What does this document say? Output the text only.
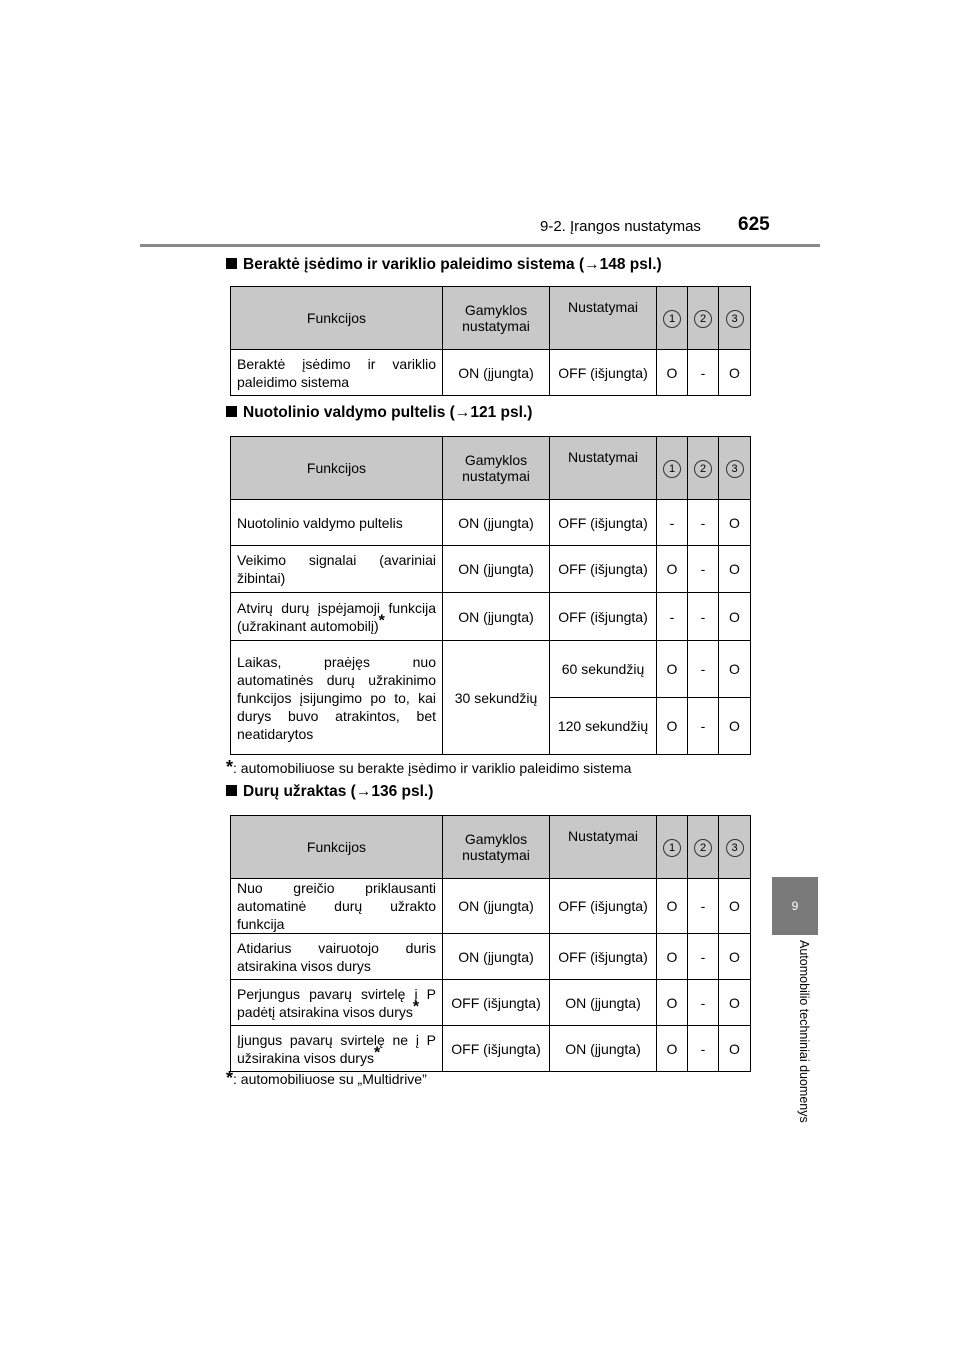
9-2. Įrangos nustatymas 625
9
Automobilio techniniai duomenys
Beraktė įsėdimo ir variklio paleidimo sistema (→148 psl.)
Funkcijos	Gamyklos nustatymai	Nustatymai	1	2	3
Beraktė įsėdimo ir variklio paleidimo sistema	ON (įjungta)	OFF (išjungta)	O	-	O
Nuotolinio valdymo pultelis (→121 psl.)
Funkcijos	Gamyklos nustatymai	Nustatymai	1	2	3
Nuotolinio valdymo pultelis	ON (įjungta)	OFF (išjungta)	-	-	O
Veikimo signalai (avariniai žibintai)	ON (įjungta)	OFF (išjungta)	O	-	O
Atvirų durų įspėjamoji funkcija (užrakinant automobilį)*	ON (įjungta)	OFF (išjungta)	-	-	O
Laikas, praėjęs nuo automatinės durų užrakinimo funkcijos įsijungimo po to, kai durys buvo atrakintos, bet neatidarytos	30 sekundžių	60 sekundžių	O	-	O
		120 sekundžių	O	-	O
*: automobiliuose su berakte įsėdimo ir variklio paleidimo sistema
Durų užraktas (→136 psl.)
Funkcijos	Gamyklos nustatymai	Nustatymai	1	2	3
Nuo greičio priklausanti automatinė durų užrakto funkcija	ON (įjungta)	OFF (išjungta)	O	-	O
Atidarius vairuotojo duris atsirakina visos durys	ON (įjungta)	OFF (išjungta)	O	-	O
Perjungus pavarų svirtelę į P padėtį atsirakina visos durys*	OFF (išjungta)	ON (įjungta)	O	-	O
Įjungus pavarų svirtelę ne į P užsirakina visos durys*	OFF (išjungta)	ON (įjungta)	O	-	O
*: automobiliuose su „Multidrive”
